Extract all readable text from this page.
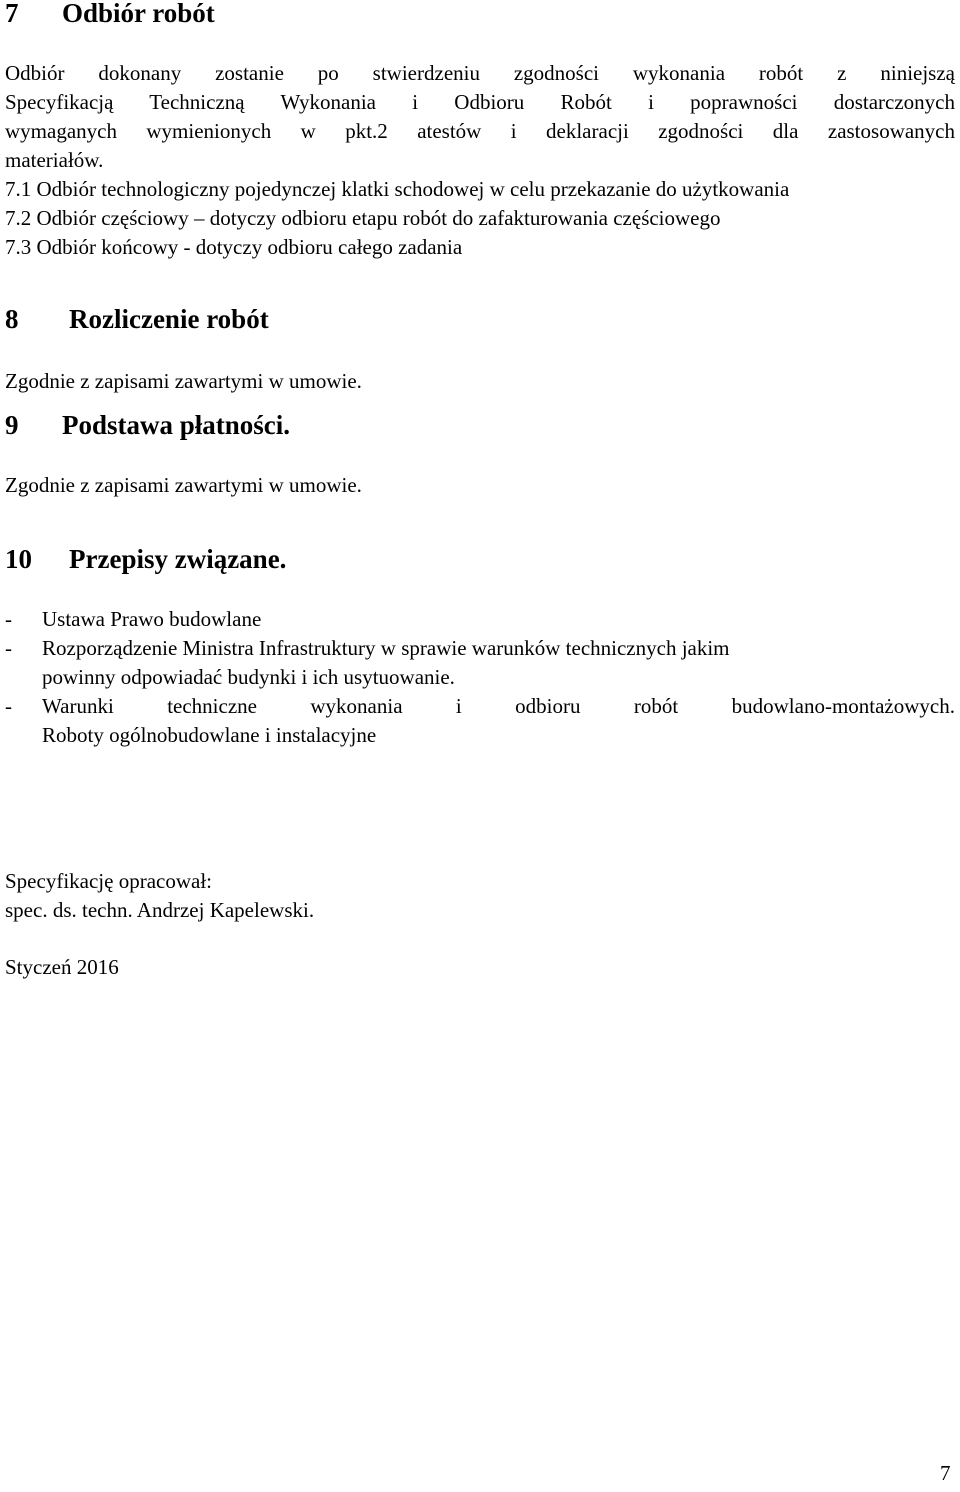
7 Odbiór robót
Odbiór dokonany zostanie po stwierdzeniu zgodności wykonania robót z niniejszą
Specyfikacją Techniczną Wykonania i Odbioru Robót i poprawności dostarczonych
wymaganych wymienionych w pkt.2 atestów i deklaracji zgodności dla zastosowanych
materiałów.
7.1 Odbiór technologiczny pojedynczej klatki schodowej w celu przekazanie do użytkowania
7.2 Odbiór częściowy – dotyczy odbioru etapu robót do zafakturowania częściowego
7.3 Odbiór końcowy - dotyczy odbioru całego zadania
8 Rozliczenie robót
Zgodnie z zapisami zawartymi w umowie.
9 Podstawa płatności.
Zgodnie z zapisami zawartymi w umowie.
10 Przepisy związane.
- Ustawa Prawo budowlane
- Rozporządzenie Ministra Infrastruktury w sprawie warunków technicznych jakim
powinny odpowiadać budynki i ich usytuowanie.
- Warunki techniczne wykonania i odbioru robót budowlano-montażowych.
Roboty ogólnobudowlane i instalacyjne
Specyfikację opracował:
spec. ds. techn. Andrzej Kapelewski.
Styczeń 2016
7
